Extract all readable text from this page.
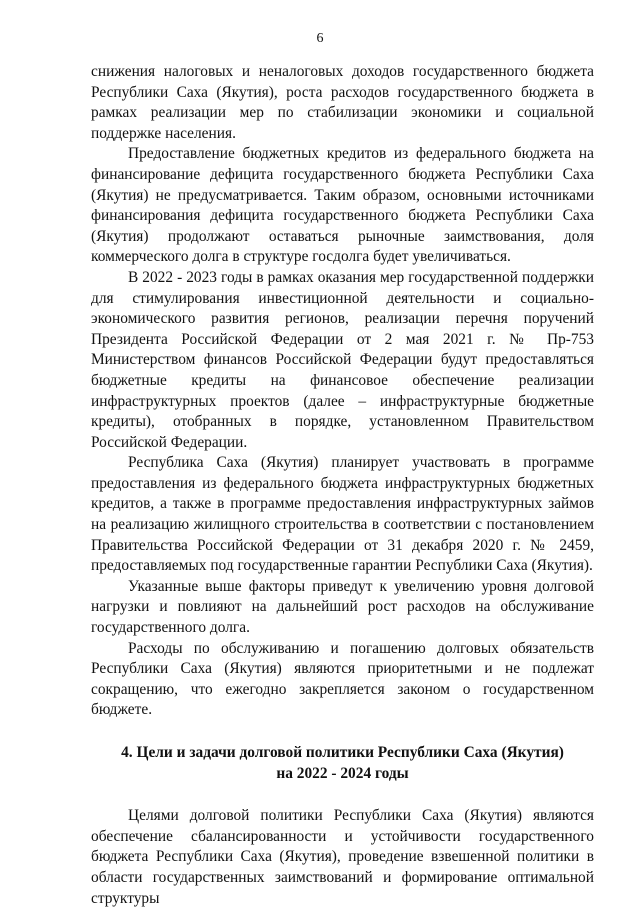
6

снижения налоговых и неналоговых доходов государственного бюджета Республики Саха (Якутия), роста расходов государственного бюджета в рамках реализации мер по стабилизации экономики и социальной поддержке населения.

Предоставление бюджетных кредитов из федерального бюджета на финансирование дефицита государственного бюджета Республики Саха (Якутия) не предусматривается. Таким образом, основными источниками финансирования дефицита государственного бюджета Республики Саха (Якутия) продолжают оставаться рыночные заимствования, доля коммерческого долга в структуре госдолга будет увеличиваться.

В 2022 - 2023 годы в рамках оказания мер государственной поддержки для стимулирования инвестиционной деятельности и социально-экономического развития регионов, реализации перечня поручений Президента Российской Федерации от 2 мая 2021 г. № Пр-753 Министерством финансов Российской Федерации будут предоставляться бюджетные кредиты на финансовое обеспечение реализации инфраструктурных проектов (далее – инфраструктурные бюджетные кредиты), отобранных в порядке, установленном Правительством Российской Федерации.

Республика Саха (Якутия) планирует участвовать в программе предоставления из федерального бюджета инфраструктурных бюджетных кредитов, а также в программе предоставления инфраструктурных займов на реализацию жилищного строительства в соответствии с постановлением Правительства Российской Федерации от 31 декабря 2020 г. № 2459, предоставляемых под государственные гарантии Республики Саха (Якутия).

Указанные выше факторы приведут к увеличению уровня долговой нагрузки и повлияют на дальнейший рост расходов на обслуживание государственного долга.

Расходы по обслуживанию и погашению долговых обязательств Республики Саха (Якутия) являются приоритетными и не подлежат сокращению, что ежегодно закрепляется законом о государственном бюджете.

4. Цели и задачи долговой политики Республики Саха (Якутия)
на 2022 - 2024 годы

Целями долговой политики Республики Саха (Якутия) являются обеспечение сбалансированности и устойчивости государственного бюджета Республики Саха (Якутия), проведение взвешенной политики в области государственных заимствований и формирование оптимальной структуры
